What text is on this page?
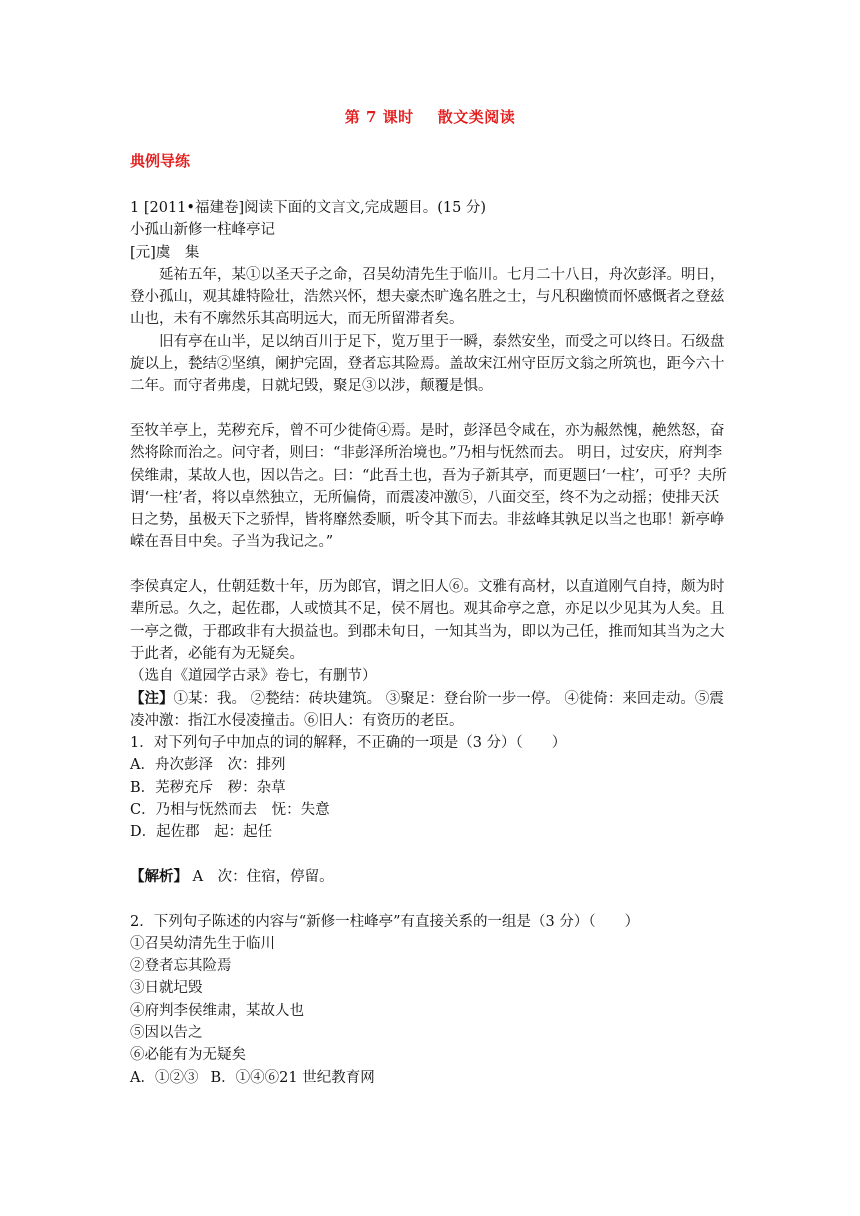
第 7 课时 散文类阅读
典例导练

1 [2011•福建卷]阅读下面的文言文,完成题目。(15 分)

小孤山新修一柱峰亭记

[元]虞　集

延祐五年，某①以圣天子之命，召吴幼清先生于临川。七月二十八日，舟次彭泽。明日，登小孤山，观其雄特险壮，浩然兴怀，想夫豪杰旷逸名胜之士，与凡积幽愤而怀感慨者之登兹山也，未有不廓然乐其高明远大，而无所留滞者矣。

旧有亭在山半，足以纳百川于足下，览万里于一瞬，泰然安坐，而受之可以终日。石级盘旋以上，甃结②坚缜，阑护完固，登者忘其险焉。盖故宋江州守臣厉文翁之所筑也，距今六十二年。而守者弗虔，日就圮毁，聚足③以涉，颠覆是惧。

至牧羊亭上，芜秽充斥，曾不可少徙倚④焉。是时，彭泽邑令咸在，亦为赧然愧，赩然怒，奋然将除而治之。问守者，则曰：“非彭泽所治境也。”乃相与怃然而去。 明日，过安庆，府判李侯维肃，某故人也，因以告之。曰：“此吾土也，吾为子新其亭，而更题曰‘一柱’，可乎？夫所谓‘一柱’者，将以卓然独立，无所偏倚，而震凌冲激⑤，八面交至，终不为之动摇；使排天沃日之势，虽极天下之骄悍，皆将靡然委顺，听令其下而去。非兹峰其孰足以当之也耶！新亭峥嵘在吾目中矣。子当为我记之。”

李侯真定人，仕朝廷数十年，历为郎官，谓之旧人⑥。文雅有高材，以直道刚气自持，颇为时辈所忌。久之，起佐郡，人或愤其不足，侯不屑也。观其命亭之意，亦足以少见其为人矣。且一亭之微，于郡政非有大损益也。到郡未旬日，一知其当为，即以为己任，推而知其当为之大于此者，必能有为无疑矣。

（选自《道园学古录》卷七，有删节）

【注】①某：我。 ②甃结：砖块建筑。 ③聚足：登台阶一步一停。 ④徙倚：来回走动。⑤震凌冲激：指江水侵凌撞击。⑥旧人：有资历的老臣。

1．对下列句子中加点的词的解释，不正确的一项是（3 分）（　　）

A．舟次彭泽　次：排列

B．芜秽充斥　秽：杂草

C．乃相与怃然而去　怃：失意

D．起佐郡　起：起任

【解析】 A　次：住宿，停留。

2．下列句子陈述的内容与“新修一柱峰亭”有直接关系的一组是（3 分）（　　）

①召吴幼清先生于临川

②登者忘其险焉

③日就圮毁

④府判李侯维肃，某故人也

⑤因以告之

⑥必能有为无疑矣

A．①②③ B．①④⑥21 世纪教育网
